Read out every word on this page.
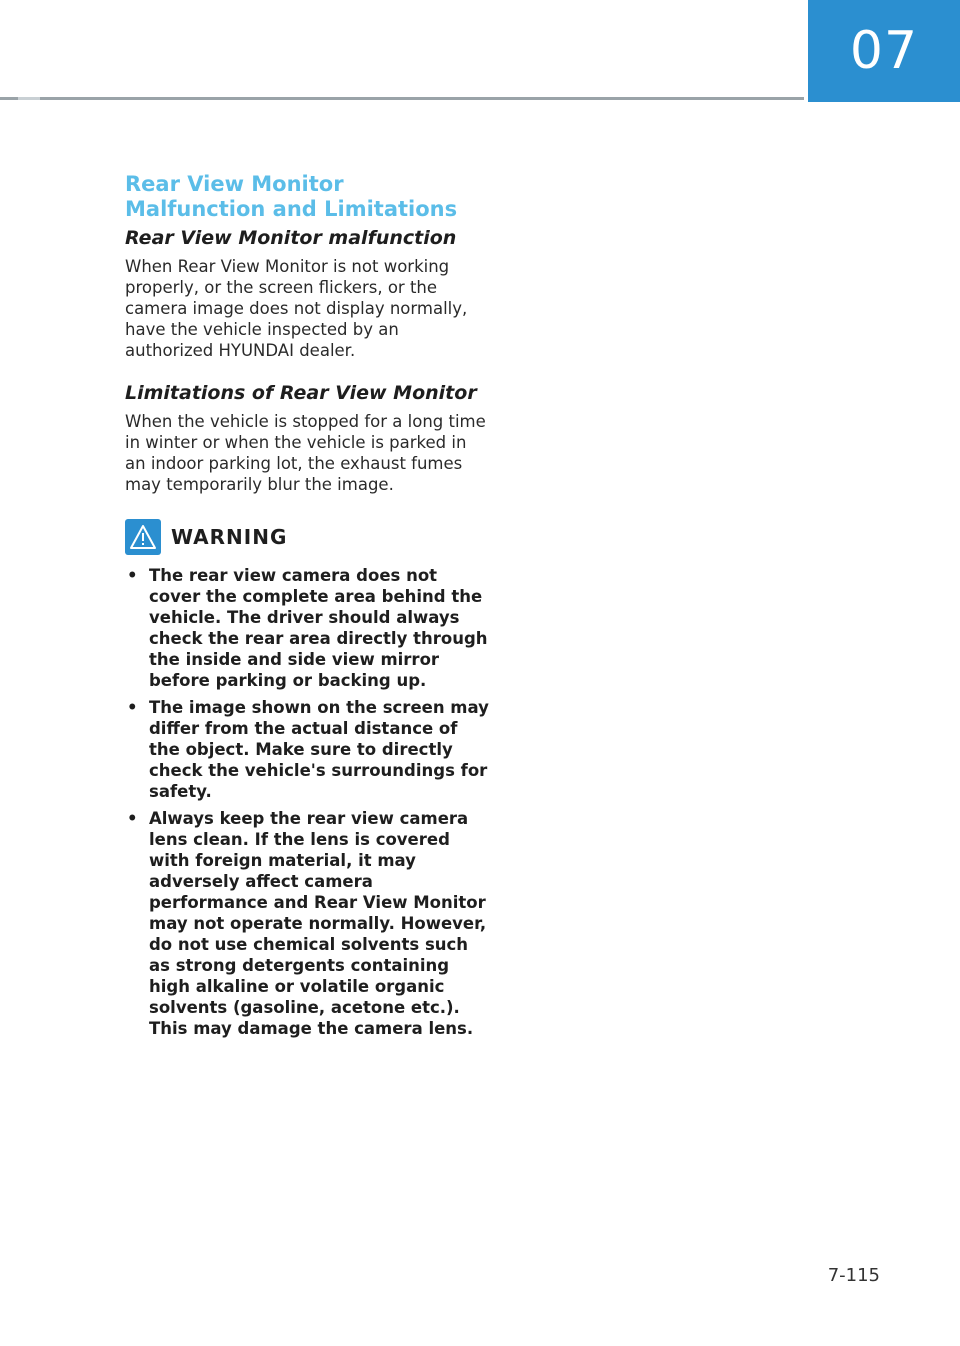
07
Rear View Monitor Malfunction and Limitations
Rear View Monitor malfunction

When Rear View Monitor is not working properly, or the screen flickers, or the camera image does not display normally, have the vehicle inspected by an authorized HYUNDAI dealer.

Limitations of Rear View Monitor

When the vehicle is stopped for a long time in winter or when the vehicle is parked in an indoor parking lot, the exhaust fumes may temporarily blur the image.

WARNING
• The rear view camera does not cover the complete area behind the vehicle. The driver should always check the rear area directly through the inside and side view mirror before parking or backing up.
• The image shown on the screen may differ from the actual distance of the object. Make sure to directly check the vehicle's surroundings for safety.
• Always keep the rear view camera lens clean. If the lens is covered with foreign material, it may adversely affect camera performance and Rear View Monitor may not operate normally. However, do not use chemical solvents such as strong detergents containing high alkaline or volatile organic solvents (gasoline, acetone etc.). This may damage the camera lens.
7-115
